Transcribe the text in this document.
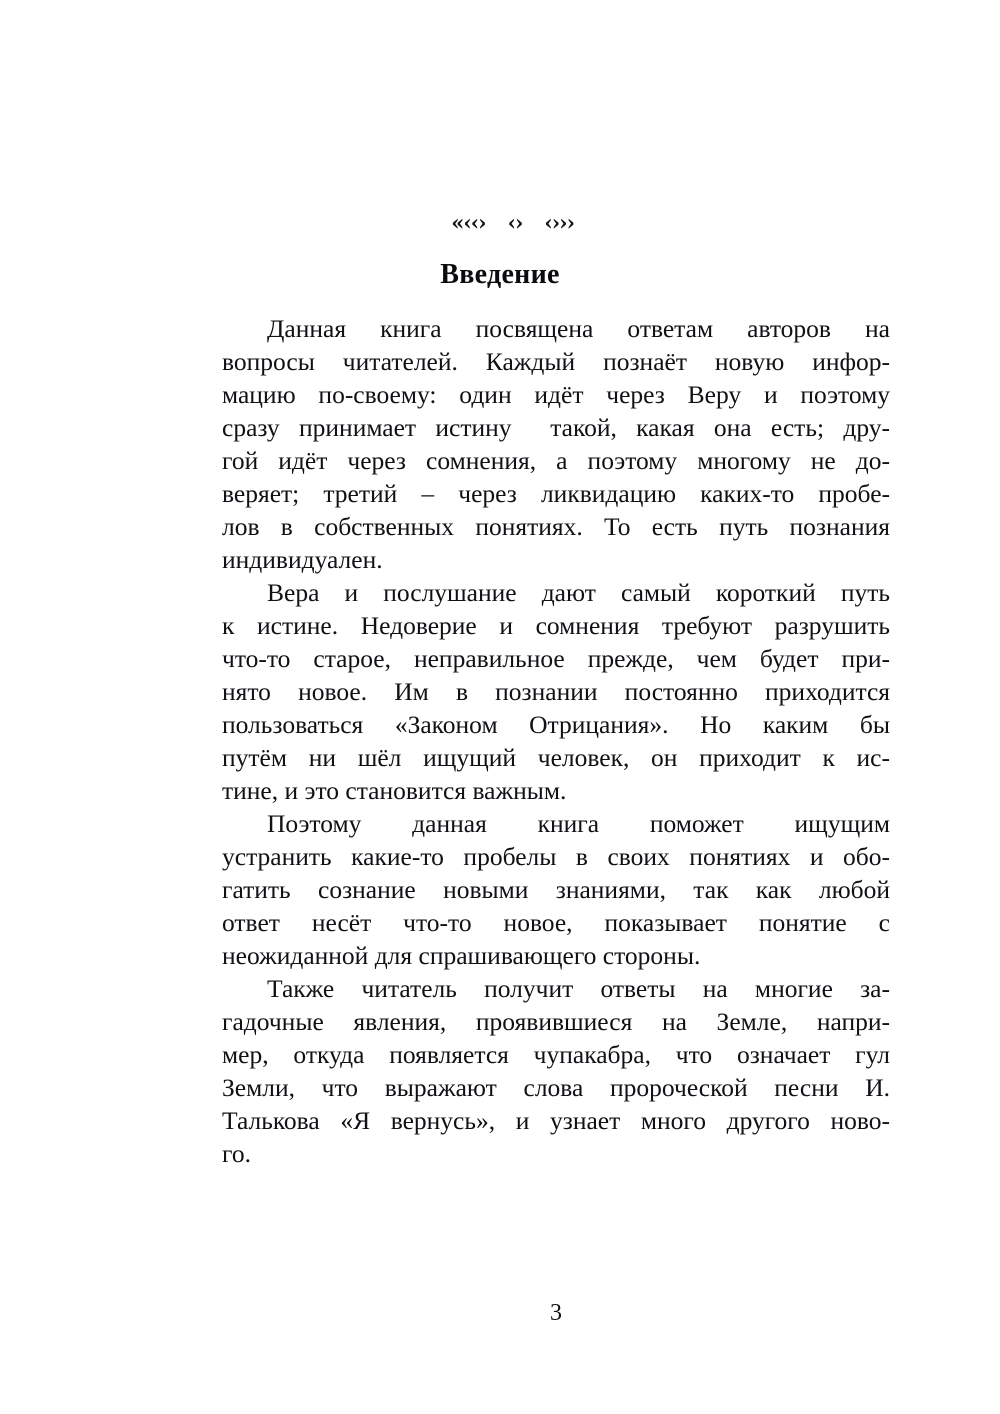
«‹‹› ‹› ‹›››

Введение

Данная книга посвящена ответам авторов на
вопросы читателей. Каждый познаёт новую инфор-
мацию по-своему: один идёт через Веру и поэтому
сразу принимает истину  такой, какая она есть; дру-
гой идёт через сомнения, а поэтому многому не до-
веряет; третий – через ликвидацию каких-то пробе-
лов в собственных понятиях. То есть путь познания
индивидуален.

Вера и послушание дают самый короткий путь
к истине. Недоверие и сомнения требуют разрушить
что-то старое, неправильное прежде, чем будет при-
нято новое. Им в познании постоянно приходится
пользоваться «Законом Отрицания». Но каким бы
путём ни шёл ищущий человек, он приходит к ис-
тине, и это становится важным.

Поэтому данная книга поможет ищущим
устранить какие-то пробелы в своих понятиях и обо-
гатить сознание новыми знаниями, так как любой
ответ несёт что-то новое, показывает понятие с
неожиданной для спрашивающего стороны.

Также читатель получит ответы на многие за-
гадочные явления, проявившиеся на Земле, напри-
мер, откуда появляется чупакабра, что означает гул
Земли, что выражают слова пророческой песни И.
Талькова «Я вернусь», и узнает много другого ново-
го.

3
